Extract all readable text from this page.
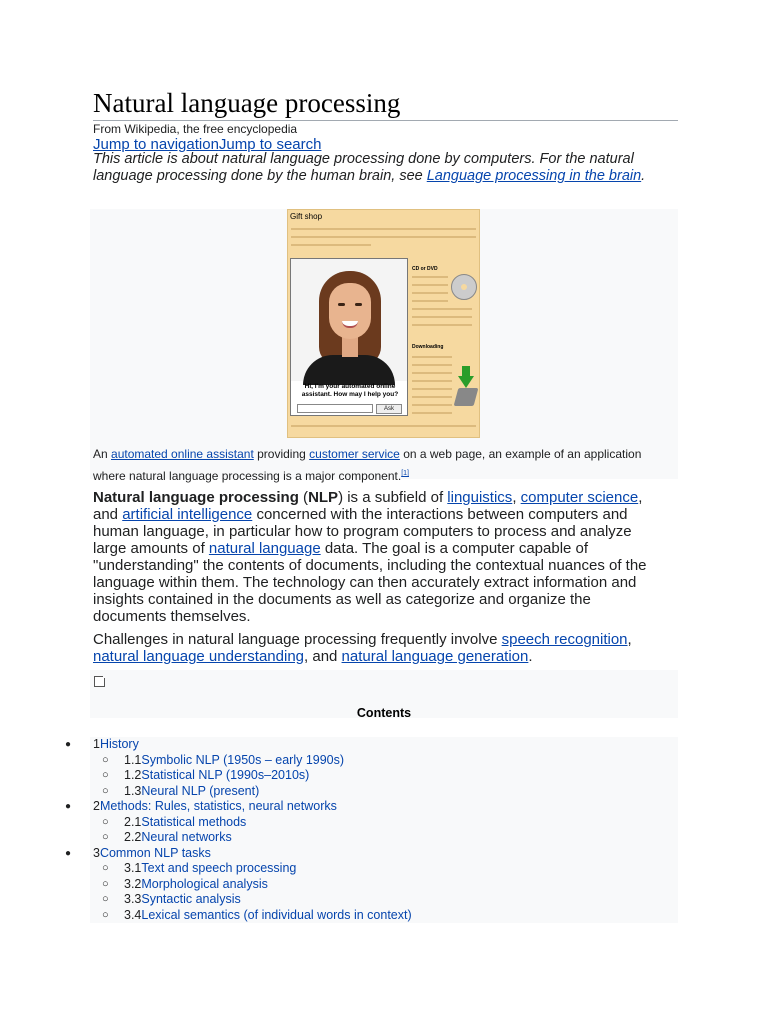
Natural language processing
From Wikipedia, the free encyclopedia
Jump to navigationJump to search
This article is about natural language processing done by computers. For the natural language processing done by the human brain, see Language processing in the brain.
Gift shop
Hi, I'm your automated online assistant. How may I help you?
Ask
CD or DVD
Downloading
An automated online assistant providing customer service on a web page, an example of an application where natural language processing is a major component.[1]
Natural language processing (NLP) is a subfield of linguistics, computer science, and artificial intelligence concerned with the interactions between computers and human language, in particular how to program computers to process and analyze large amounts of natural language data. The goal is a computer capable of "understanding" the contents of documents, including the contextual nuances of the language within them. The technology can then accurately extract information and insights contained in the documents as well as categorize and organize the documents themselves.
Challenges in natural language processing frequently involve speech recognition, natural language understanding, and natural language generation.
Contents
● 1History
○ 1.1Symbolic NLP (1950s – early 1990s)
○ 1.2Statistical NLP (1990s–2010s)
○ 1.3Neural NLP (present)
● 2Methods: Rules, statistics, neural networks
○ 2.1Statistical methods
○ 2.2Neural networks
● 3Common NLP tasks
○ 3.1Text and speech processing
○ 3.2Morphological analysis
○ 3.3Syntactic analysis
○ 3.4Lexical semantics (of individual words in context)
